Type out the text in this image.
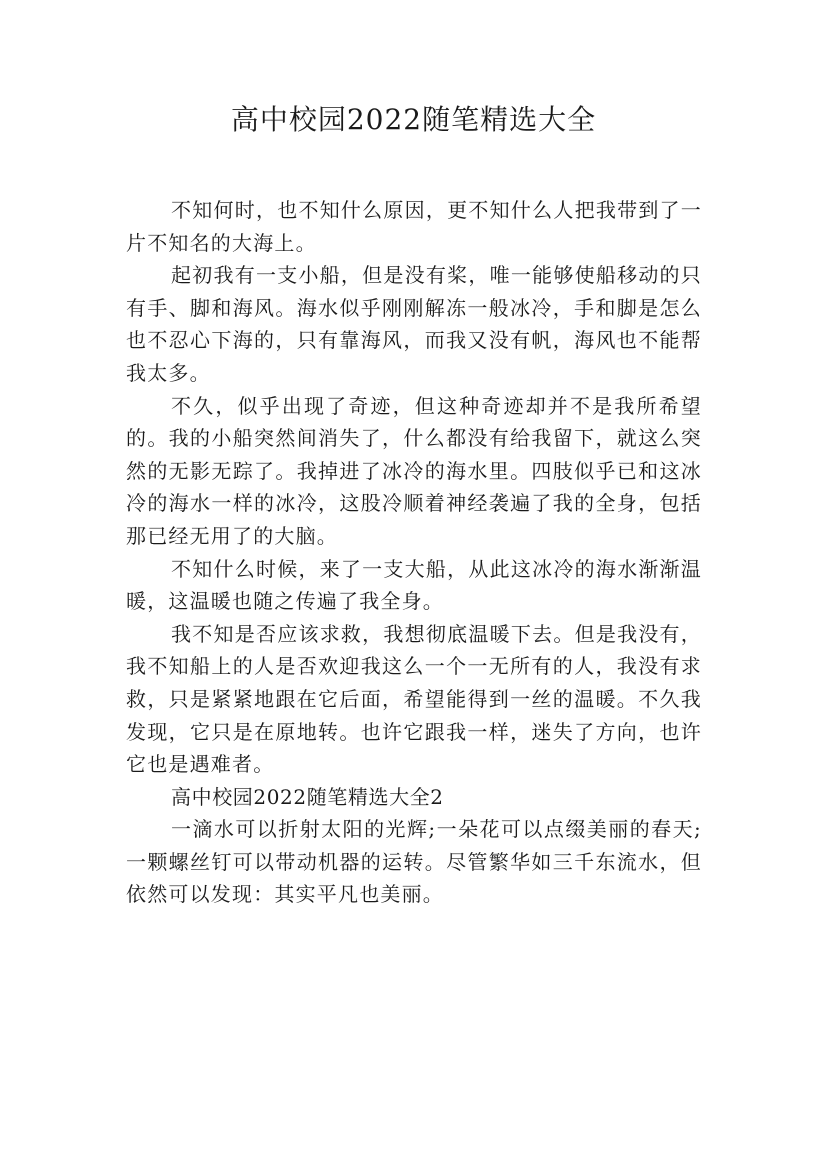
高中校园2022随笔精选大全

不知何时，也不知什么原因，更不知什么人把我带到了一片不知名的大海上。

起初我有一支小船，但是没有桨，唯一能够使船移动的只有手、脚和海风。海水似乎刚刚解冻一般冰冷，手和脚是怎么也不忍心下海的，只有靠海风，而我又没有帆，海风也不能帮我太多。

不久，似乎出现了奇迹，但这种奇迹却并不是我所希望的。我的小船突然间消失了，什么都没有给我留下，就这么突然的无影无踪了。我掉进了冰冷的海水里。四肢似乎已和这冰冷的海水一样的冰冷，这股冷顺着神经袭遍了我的全身，包括那已经无用了的大脑。

不知什么时候，来了一支大船，从此这冰冷的海水渐渐温暖，这温暖也随之传遍了我全身。

我不知是否应该求救，我想彻底温暖下去。但是我没有，我不知船上的人是否欢迎我这么一个一无所有的人，我没有求救，只是紧紧地跟在它后面，希望能得到一丝的温暖。不久我发现，它只是在原地转。也许它跟我一样，迷失了方向，也许它也是遇难者。

高中校园2022随笔精选大全2

一滴水可以折射太阳的光辉;一朵花可以点缀美丽的春天;一颗螺丝钉可以带动机器的运转。尽管繁华如三千东流水，但依然可以发现：其实平凡也美丽。
